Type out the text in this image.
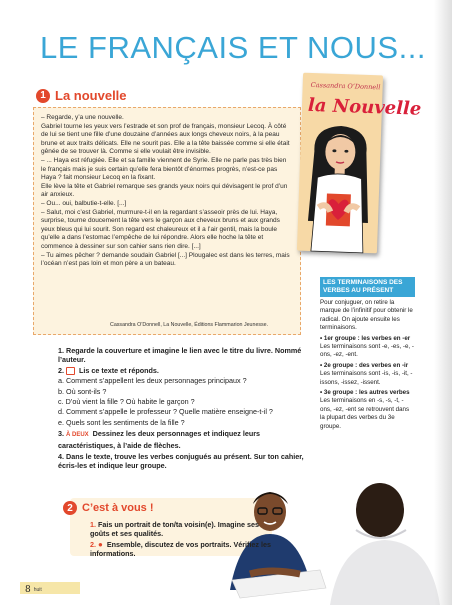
LE FRANÇAIS ET NOUS...
1 La nouvelle

– Regarde, y’a une nouvelle.

Gabriel tourne les yeux vers l’estrade et son prof de français, monsieur Lecoq. À côté de lui se tient une fille d’une douzaine d’années aux longs cheveux noirs, à la peau brune et aux traits délicats. Elle ne sourit pas. Elle a la tête baissée comme si elle était gênée de se trouver là. Comme si elle voulait être invisible.

– ... Haya est réfugiée. Elle et sa famille viennent de Syrie. Elle ne parle pas très bien le français mais je suis certain qu’elle fera bientôt d’énormes progrès, n’est-ce pas Haya ? fait monsieur Lecoq en la fixant.

Elle lève la tête et Gabriel remarque ses grands yeux noirs qui dévisagent le prof d’un air anxieux.

– Ou... oui, balbutie-t-elle. [...]

– Salut, moi c’est Gabriel, murmure-t-il en la regardant s’asseoir près de lui. Haya, surprise, tourne doucement la tête vers le garçon aux cheveux bruns et aux grands yeux bleus qui lui sourit. Son regard est chaleureux et il a l’air gentil, mais la boule qu’elle a dans l’estomac l’empêche de lui répondre. Alors elle hoche la tête et commence à dessiner sur son cahier sans rien dire. [...]

– Tu aimes pêcher ? demande soudain Gabriel [...] Plougalec est dans les terres, mais l’océan n’est pas loin et mon père a un bateau.

Cassandra O’Donnell, La Nouvelle, Éditions Flammarion Jeunesse.
Cassandra O’Donnell
la Nouvelle
LES TERMINAISONS DES VERBES AU PRÉSENT

Pour conjuguer, on retire la marque de l’infinitif pour obtenir le radical. On ajoute ensuite les terminaisons.

• 1er groupe : les verbes en -er

Les terminaisons sont -e, -es, -e, -ons, -ez, -ent.

• 2e groupe : des verbes en -ir

Les terminaisons sont -is, -is, -it, -issons, -issez, -issent.

• 3e groupe : les autres verbes

Les terminaisons en -s, -s, -t, -ons, -ez, -ent se retrouvent dans la plupart des verbes du 3e groupe.

1. Regarde la couverture et imagine le lien avec le titre du livre. Nommé l’auteur.
2. Lis ce texte et réponds.
a. Comment s’appellent les deux personnages principaux ?
b. Où sont-ils ?
c. D’où vient la fille ? Où habite le garçon ?
d. Comment s’appelle le professeur ? Quelle matière enseigne-t-il ?
e. Quels sont les sentiments de la fille ?
3. À DEUX Dessinez les deux personnages et indiquez leurs caractéristiques, à l’aide de flèches.
4. Dans le texte, trouve les verbes conjugués au présent. Sur ton cahier, écris-les et indique leur groupe.
2 C’est à vous !
1. Fais un portrait de ton/ta voisin(e). Imagine ses goûts et ses qualités.
2. ● Ensemble, discutez de vos portraits. Vérifiez les informations.
8 huit
